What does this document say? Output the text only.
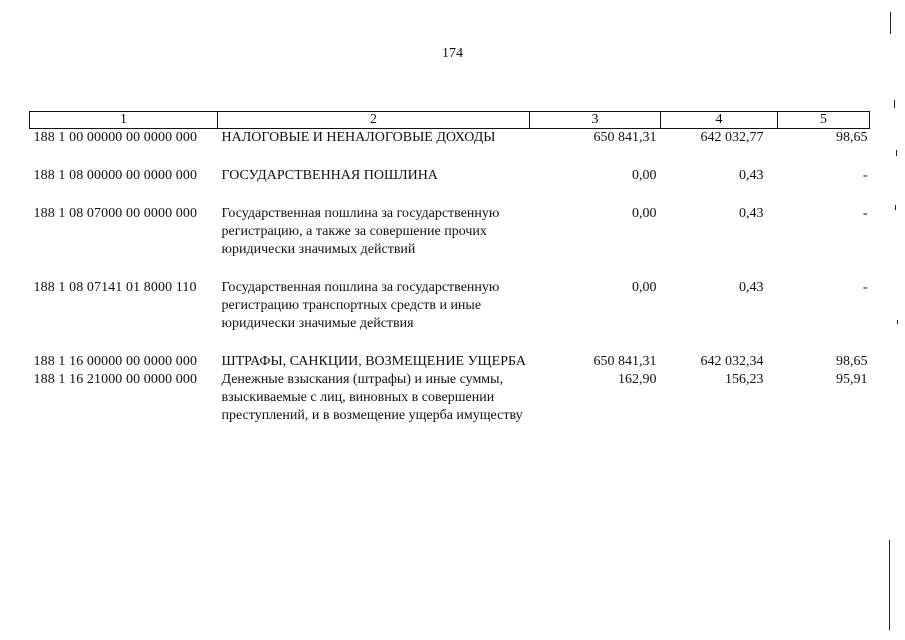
174
1	2	3	4	5
188 1 00 00000 00 0000 000	НАЛОГОВЫЕ И НЕНАЛОГОВЫЕ ДОХОДЫ	650 841,31	642 032,77	98,65

188 1 08 00000 00 0000 000	ГОСУДАРСТВЕННАЯ ПОШЛИНА	0,00	0,43	-

188 1 08 07000 00 0000 000	Государственная пошлина за государственную регистрацию, а также за совершение прочих юридически значимых действий	0,00	0,43	-

188 1 08 07141 01 8000 110	Государственная пошлина за государственную регистрацию транспортных средств и иные юридически значимые действия	0,00	0,43	-

188 1 16 00000 00 0000 000	ШТРАФЫ, САНКЦИИ, ВОЗМЕЩЕНИЕ УЩЕРБА	650 841,31	642 032,34	98,65
188 1 16 21000 00 0000 000	Денежные взыскания (штрафы) и иные суммы, взыскиваемые с лиц, виновных в совершении преступлений, и в возмещение ущерба имуществу	162,90	156,23	95,91
